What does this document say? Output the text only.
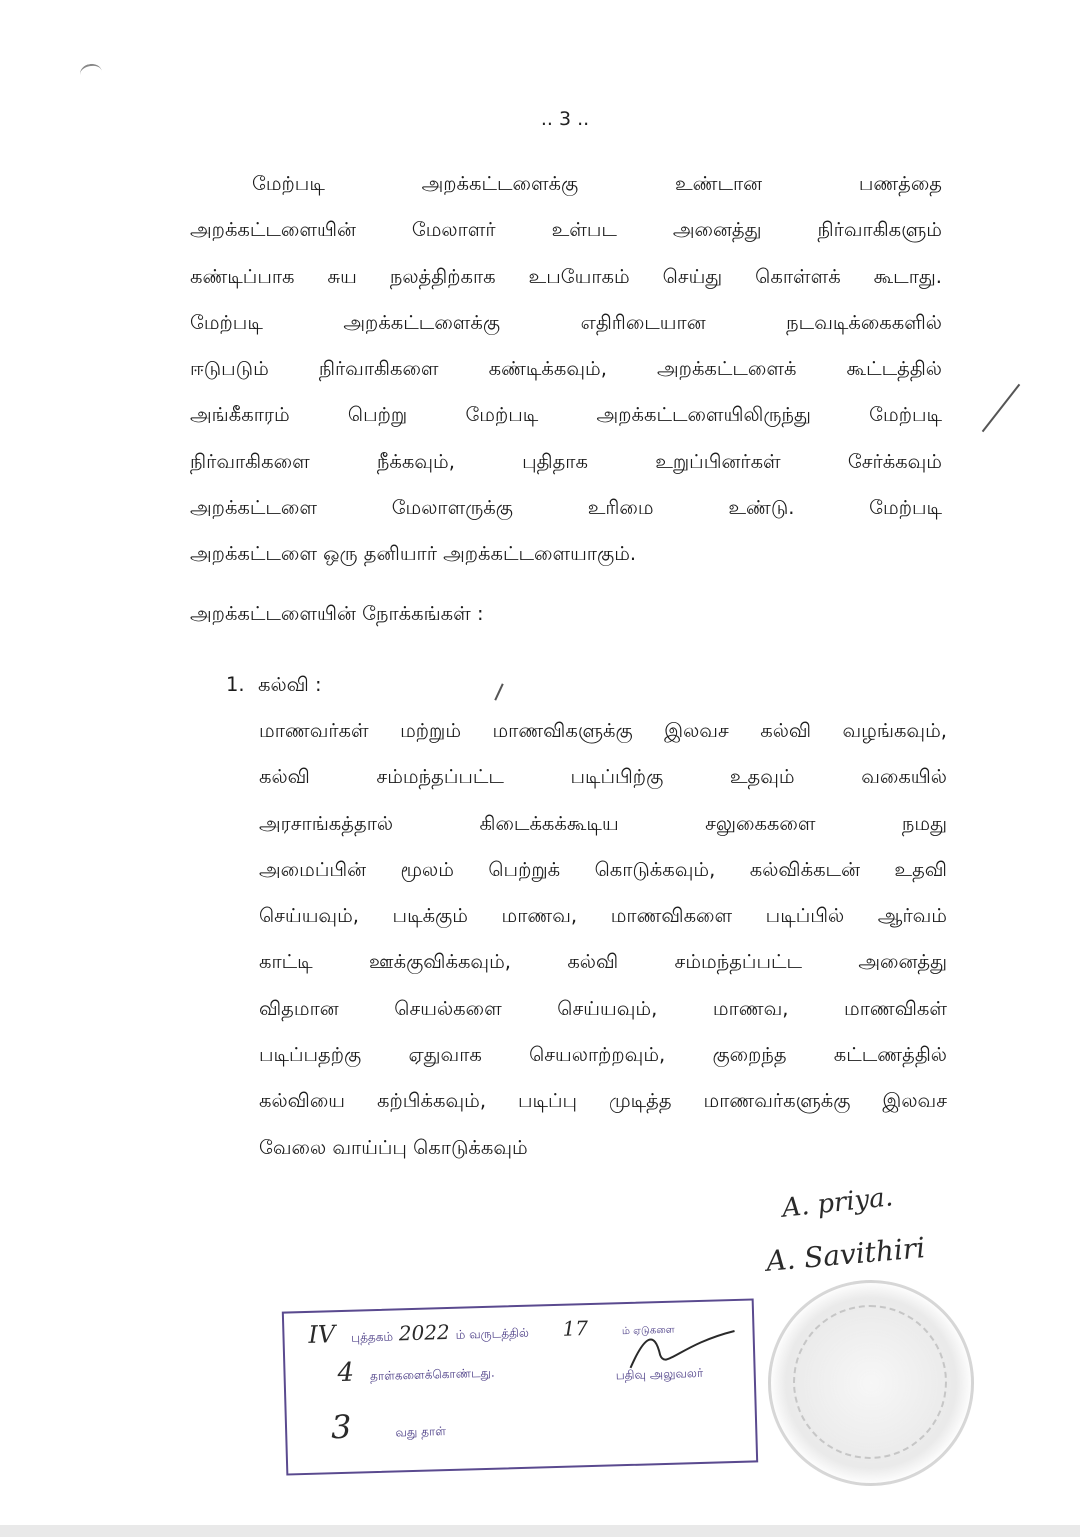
.. 3 ..
மேற்படி அறக்கட்டளைக்கு உண்டான பணத்தை
அறக்கட்டளையின் மேலாளர் உள்பட அனைத்து நிர்வாகிகளும்
கண்டிப்பாக சுய நலத்திற்காக உபயோகம் செய்து கொள்ளக் கூடாது.
மேற்படி அறக்கட்டளைக்கு எதிரிடையான நடவடிக்கைகளில்
ஈடுபடும் நிர்வாகிகளை கண்டிக்கவும், அறக்கட்டளைக் கூட்டத்தில்
அங்கீகாரம் பெற்று மேற்படி அறக்கட்டளையிலிருந்து மேற்படி
நிர்வாகிகளை நீக்கவும், புதிதாக உறுப்பினர்கள் சேர்க்கவும்
அறக்கட்டளை மேலாளருக்கு உரிமை உண்டு. மேற்படி
அறக்கட்டளை ஒரு தனியார் அறக்கட்டளையாகும்.
அறக்கட்டளையின் நோக்கங்கள் :
1. கல்வி :
மாணவர்கள் மற்றும் மாணவிகளுக்கு இலவச கல்வி வழங்கவும்,
கல்வி சம்மந்தப்பட்ட படிப்பிற்கு உதவும் வகையில்
அரசாங்கத்தால் கிடைக்கக்கூடிய சலுகைகளை நமது
அமைப்பின் மூலம் பெற்றுக் கொடுக்கவும், கல்விக்கடன் உதவி
செய்யவும், படிக்கும் மாணவ, மாணவிகளை படிப்பில் ஆர்வம்
காட்டி ஊக்குவிக்கவும், கல்வி சம்மந்தப்பட்ட அனைத்து
விதமான செயல்களை செய்யவும், மாணவ, மாணவிகள்
படிப்பதற்கு ஏதுவாக செயலாற்றவும், குறைந்த கட்டணத்தில்
கல்வியை கற்பிக்கவும், படிப்பு முடித்த மாணவர்களுக்கு இலவச
வேலை வாய்ப்பு கொடுக்கவும்
A. priya.
A. Savithiri
IV புத்தகம் 2022 ம் வருடத்தில் 17	ம் ஏடுகளை
4 தாள்களைக்கொண்டது.
3	வது தாள்
பதிவு அலுவலர்
